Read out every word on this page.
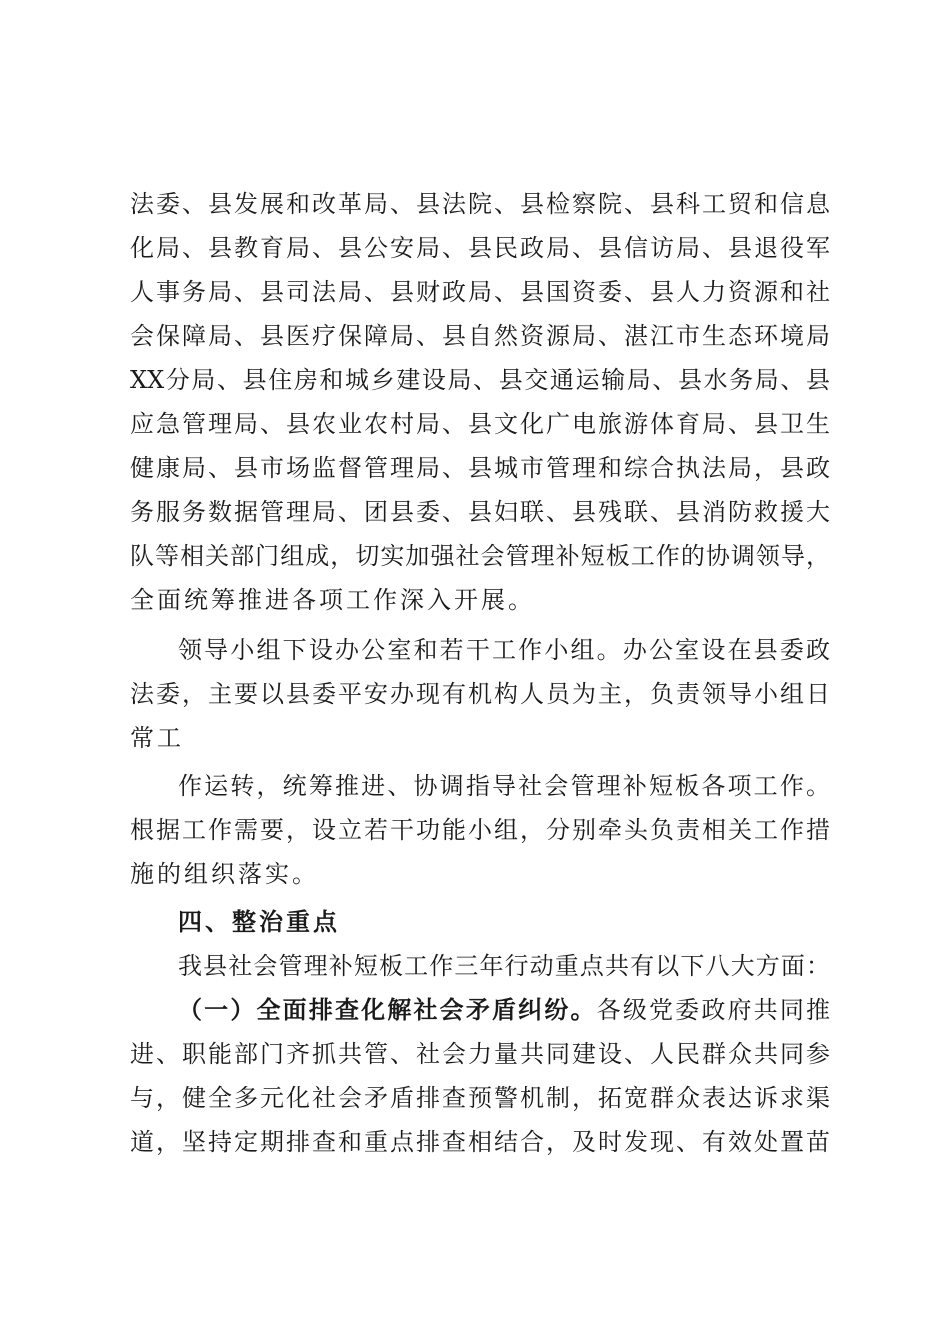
法委、县发展和改革局、县法院、县检察院、县科工贸和信息
化局、县教育局、县公安局、县民政局、县信访局、县退役军
人事务局、县司法局、县财政局、县国资委、县人力资源和社
会保障局、县医疗保障局、县自然资源局、湛江市生态环境局
XX分局、县住房和城乡建设局、县交通运输局、县水务局、县
应急管理局、县农业农村局、县文化广电旅游体育局、县卫生
健康局、县市场监督管理局、县城市管理和综合执法局，县政
务服务数据管理局、团县委、县妇联、县残联、县消防救援大
队等相关部门组成，切实加强社会管理补短板工作的协调领导，
全面统筹推进各项工作深入开展。
领导小组下设办公室和若干工作小组。办公室设在县委政
法委，主要以县委平安办现有机构人员为主，负责领导小组日
常工
作运转，统筹推进、协调指导社会管理补短板各项工作。
根据工作需要，设立若干功能小组，分别牵头负责相关工作措
施的组织落实。
四、整治重点
我县社会管理补短板工作三年行动重点共有以下八大方面：
（一）全面排查化解社会矛盾纠纷。各级党委政府共同推
进、职能部门齐抓共管、社会力量共同建设、人民群众共同参
与，健全多元化社会矛盾排查预警机制，拓宽群众表达诉求渠
道，坚持定期排查和重点排查相结合，及时发现、有效处置苗
